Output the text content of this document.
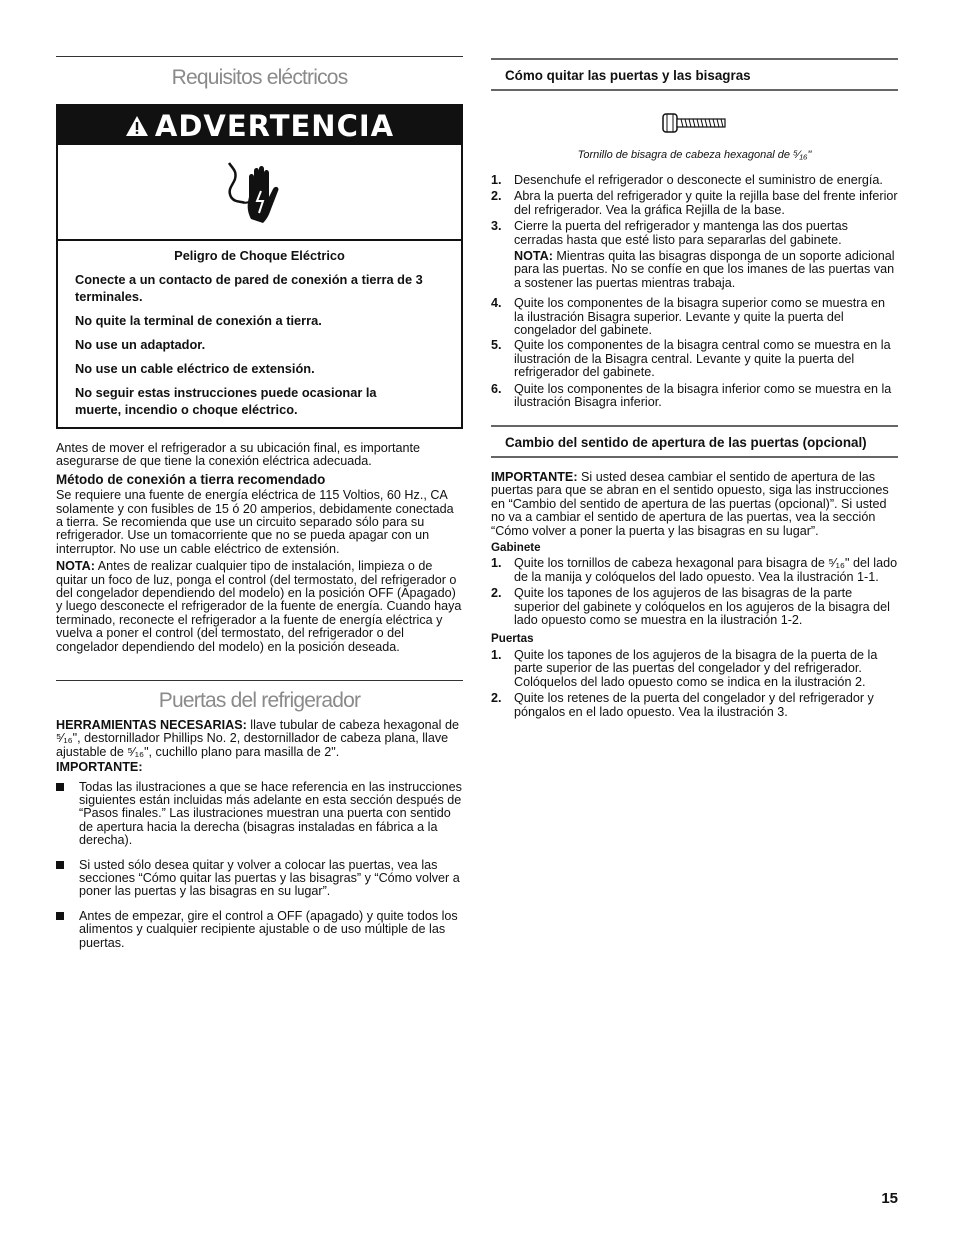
Requisitos eléctricos
ADVERTENCIA

Peligro de Choque Eléctrico

Conecte a un contacto de pared de conexión a tierra de 3 terminales.

No quite la terminal de conexión a tierra.

No use un adaptador.

No use un cable eléctrico de extensión.

No seguir estas instrucciones puede ocasionar la muerte, incendio o choque eléctrico.

Antes de mover el refrigerador a su ubicación final, es importante asegurarse de que tiene la conexión eléctrica adecuada.

Método de conexión a tierra recomendado

Se requiere una fuente de energía eléctrica de 115 Voltios, 60 Hz., CA solamente y con fusibles de 15 ó 20 amperios, debidamente conectada a tierra. Se recomienda que use un circuito separado sólo para su refrigerador. Use un tomacorriente que no se pueda apagar con un interruptor. No use un cable eléctrico de extensión.

NOTA: Antes de realizar cualquier tipo de instalación, limpieza o de quitar un foco de luz, ponga el control (del termostato, del refrigerador o del congelador dependiendo del modelo) en la posición OFF (Apagado) y luego desconecte el refrigerador de la fuente de energía. Cuando haya terminado, reconecte el refrigerador a la fuente de energía eléctrica y vuelva a poner el control (del termostato, del refrigerador o del congelador dependiendo del modelo) en la posición deseada.

Puertas del refrigerador

HERRAMIENTAS NECESARIAS: llave tubular de cabeza hexagonal de ⁵⁄₁₆", destornillador Phillips No. 2, destornillador de cabeza plana, llave ajustable de ⁵⁄₁₆", cuchillo plano para masilla de 2".

IMPORTANTE:

Todas las ilustraciones a que se hace referencia en las instrucciones siguientes están incluidas más adelante en esta sección después de “Pasos finales.” Las ilustraciones muestran una puerta con sentido de apertura hacia la derecha (bisagras instaladas en fábrica a la derecha).
Si usted sólo desea quitar y volver a colocar las puertas, vea las secciones “Cómo quitar las puertas y las bisagras” y “Cómo volver a poner las puertas y las bisagras en su lugar”.
Antes de empezar, gire el control a OFF (apagado) y quite todos los alimentos y cualquier recipiente ajustable o de uso múltiple de las puertas.
Cómo quitar las puertas y las bisagras
Tornillo de bisagra de cabeza hexagonal de ⁵⁄₁₆"
1. Desenchufe el refrigerador o desconecte el suministro de energía.
2. Abra la puerta del refrigerador y quite la rejilla base del frente inferior del refrigerador. Vea la gráfica Rejilla de la base.
3. Cierre la puerta del refrigerador y mantenga las dos puertas cerradas hasta que esté listo para separarlas del gabinete.
NOTA: Mientras quita las bisagras disponga de un soporte adicional para las puertas. No se confíe en que los imanes de las puertas van a sostener las puertas mientras trabaja.
4. Quite los componentes de la bisagra superior como se muestra en la ilustración Bisagra superior. Levante y quite la puerta del congelador del gabinete.
5. Quite los componentes de la bisagra central como se muestra en la ilustración de la Bisagra central. Levante y quite la puerta del refrigerador del gabinete.
6. Quite los componentes de la bisagra inferior como se muestra en la ilustración Bisagra inferior.
Cambio del sentido de apertura de las puertas (opcional)

IMPORTANTE: Si usted desea cambiar el sentido de apertura de las puertas para que se abran en el sentido opuesto, siga las instrucciones en “Cambio del sentido de apertura de las puertas (opcional)”. Si usted no va a cambiar el sentido de apertura de las puertas, vea la sección “Cómo volver a poner la puerta y las bisagras en su lugar”.

Gabinete

1. Quite los tornillos de cabeza hexagonal para bisagra de ⁵⁄₁₆" del lado de la manija y colóquelos del lado opuesto. Vea la ilustración 1-1.
2. Quite los tapones de los agujeros de las bisagras de la parte superior del gabinete y colóquelos en los agujeros de la bisagra del lado opuesto como se muestra en la ilustración 1-2.

Puertas

1. Quite los tapones de los agujeros de la bisagra de la puerta de la parte superior de las puertas del congelador y del refrigerador. Colóquelos del lado opuesto como se indica en la ilustración 2.
2. Quite los retenes de la puerta del congelador y del refrigerador y póngalos en el lado opuesto. Vea la ilustración 3.
15
